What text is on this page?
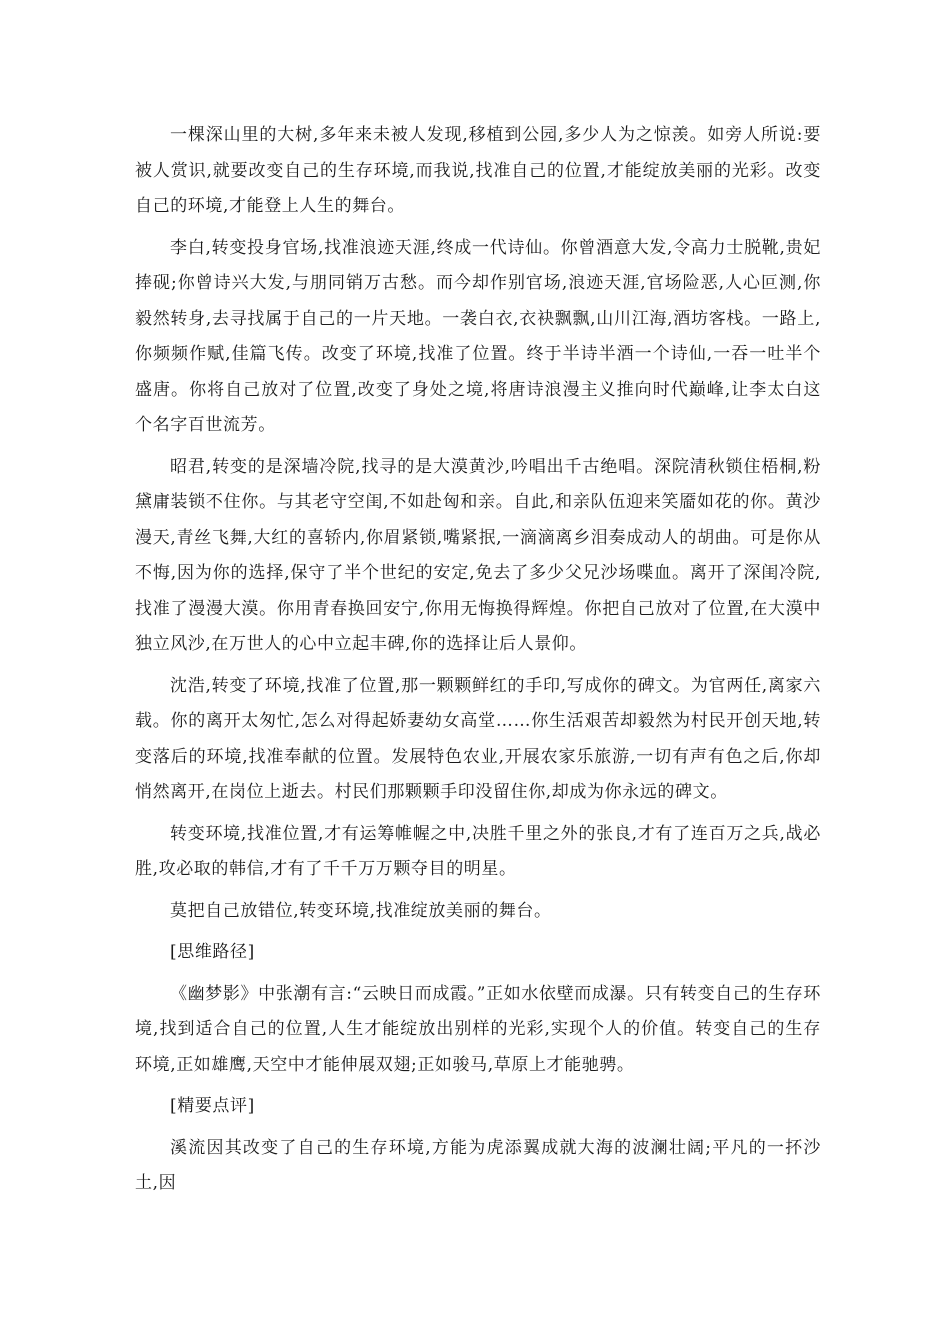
一棵深山里的大树,多年来未被人发现,移植到公园,多少人为之惊羡。如旁人所说:要被人赏识,就要改变自己的生存环境,而我说,找准自己的位置,才能绽放美丽的光彩。改变自己的环境,才能登上人生的舞台。

李白,转变投身官场,找准浪迹天涯,终成一代诗仙。你曾酒意大发,令高力士脱靴,贵妃捧砚;你曾诗兴大发,与朋同销万古愁。而今却作别官场,浪迹天涯,官场险恶,人心叵测,你毅然转身,去寻找属于自己的一片天地。一袭白衣,衣袂飘飘,山川江海,酒坊客栈。一路上,你频频作赋,佳篇飞传。改变了环境,找准了位置。终于半诗半酒一个诗仙,一吞一吐半个盛唐。你将自己放对了位置,改变了身处之境,将唐诗浪漫主义推向时代巅峰,让李太白这个名字百世流芳。

昭君,转变的是深墙冷院,找寻的是大漠黄沙,吟唱出千古绝唱。深院清秋锁住梧桐,粉黛庸装锁不住你。与其老守空闺,不如赴匈和亲。自此,和亲队伍迎来笑靥如花的你。黄沙漫天,青丝飞舞,大红的喜轿内,你眉紧锁,嘴紧抿,一滴滴离乡泪奏成动人的胡曲。可是你从不悔,因为你的选择,保守了半个世纪的安定,免去了多少父兄沙场喋血。离开了深闺冷院,找准了漫漫大漠。你用青春换回安宁,你用无悔换得辉煌。你把自己放对了位置,在大漠中独立风沙,在万世人的心中立起丰碑,你的选择让后人景仰。

沈浩,转变了环境,找准了位置,那一颗颗鲜红的手印,写成你的碑文。为官两任,离家六载。你的离开太匆忙,怎么对得起娇妻幼女高堂……你生活艰苦却毅然为村民开创天地,转变落后的环境,找准奉献的位置。发展特色农业,开展农家乐旅游,一切有声有色之后,你却悄然离开,在岗位上逝去。村民们那颗颗手印没留住你,却成为你永远的碑文。

转变环境,找准位置,才有运筹帷幄之中,决胜千里之外的张良,才有了连百万之兵,战必胜,攻必取的韩信,才有了千千万万颗夺目的明星。

莫把自己放错位,转变环境,找准绽放美丽的舞台。

[思维路径]

《幽梦影》中张潮有言:“云映日而成霞。”正如水依壁而成瀑。只有转变自己的生存环境,找到适合自己的位置,人生才能绽放出别样的光彩,实现个人的价值。转变自己的生存环境,正如雄鹰,天空中才能伸展双翅;正如骏马,草原上才能驰骋。

[精要点评]

溪流因其改变了自己的生存环境,方能为虎添翼成就大海的波澜壮阔;平凡的一抔沙土,因
